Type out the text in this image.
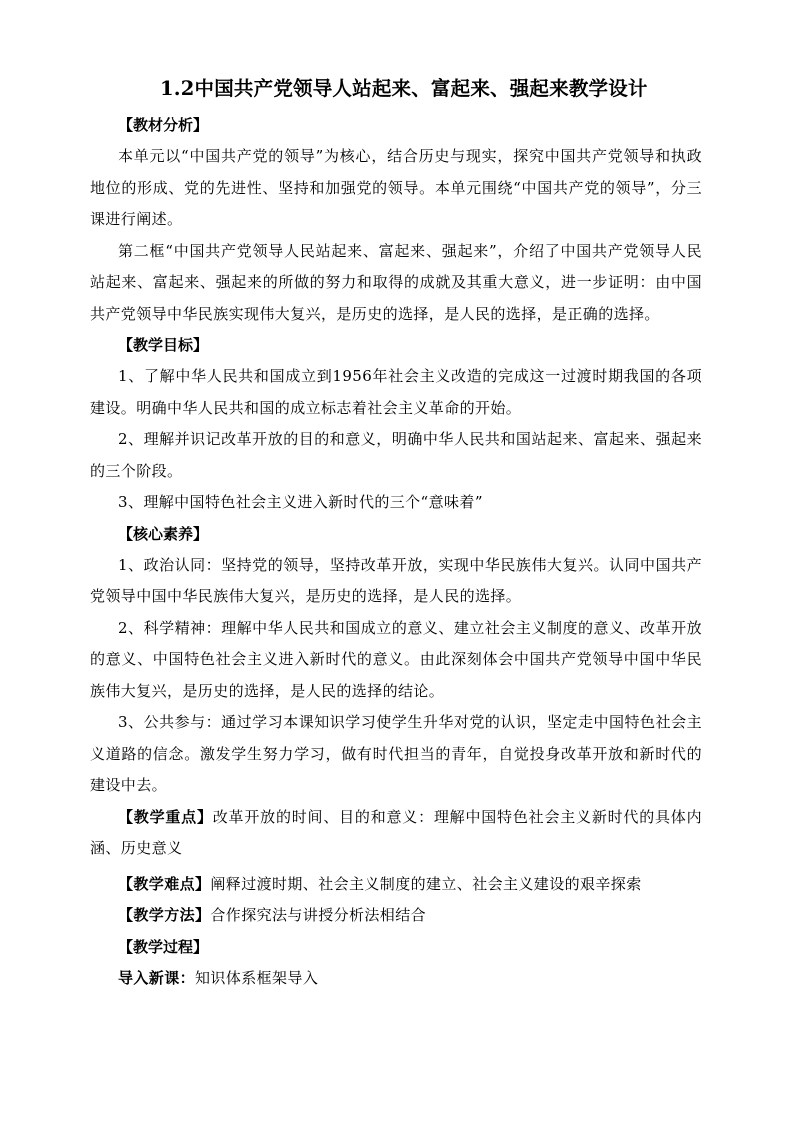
1.2中国共产党领导人站起来、富起来、强起来教学设计

【教材分析】

本单元以“中国共产党的领导”为核心，结合历史与现实，探究中国共产党领导和执政地位的形成、党的先进性、坚持和加强党的领导。本单元围绕“中国共产党的领导”，分三课进行阐述。

第二框“中国共产党领导人民站起来、富起来、强起来”，介绍了中国共产党领导人民站起来、富起来、强起来的所做的努力和取得的成就及其重大意义，进一步证明：由中国共产党领导中华民族实现伟大复兴，是历史的选择，是人民的选择，是正确的选择。

【教学目标】

1、了解中华人民共和国成立到1956年社会主义改造的完成这一过渡时期我国的各项建设。明确中华人民共和国的成立标志着社会主义革命的开始。

2、理解并识记改革开放的目的和意义，明确中华人民共和国站起来、富起来、强起来的三个阶段。

3、理解中国特色社会主义进入新时代的三个“意味着”

【核心素养】

1、政治认同：坚持党的领导，坚持改革开放，实现中华民族伟大复兴。认同中国共产党领导中国中华民族伟大复兴，是历史的选择，是人民的选择。

2、科学精神：理解中华人民共和国成立的意义、建立社会主义制度的意义、改革开放的意义、中国特色社会主义进入新时代的意义。由此深刻体会中国共产党领导中国中华民族伟大复兴，是历史的选择，是人民的选择的结论。

3、公共参与：通过学习本课知识学习使学生升华对党的认识，坚定走中国特色社会主义道路的信念。激发学生努力学习，做有时代担当的青年，自觉投身改革开放和新时代的建设中去。

【教学重点】改革开放的时间、目的和意义：理解中国特色社会主义新时代的具体内涵、历史意义

【教学难点】阐释过渡时期、社会主义制度的建立、社会主义建设的艰辛探索

【教学方法】合作探究法与讲授分析法相结合

【教学过程】

导入新课：知识体系框架导入
